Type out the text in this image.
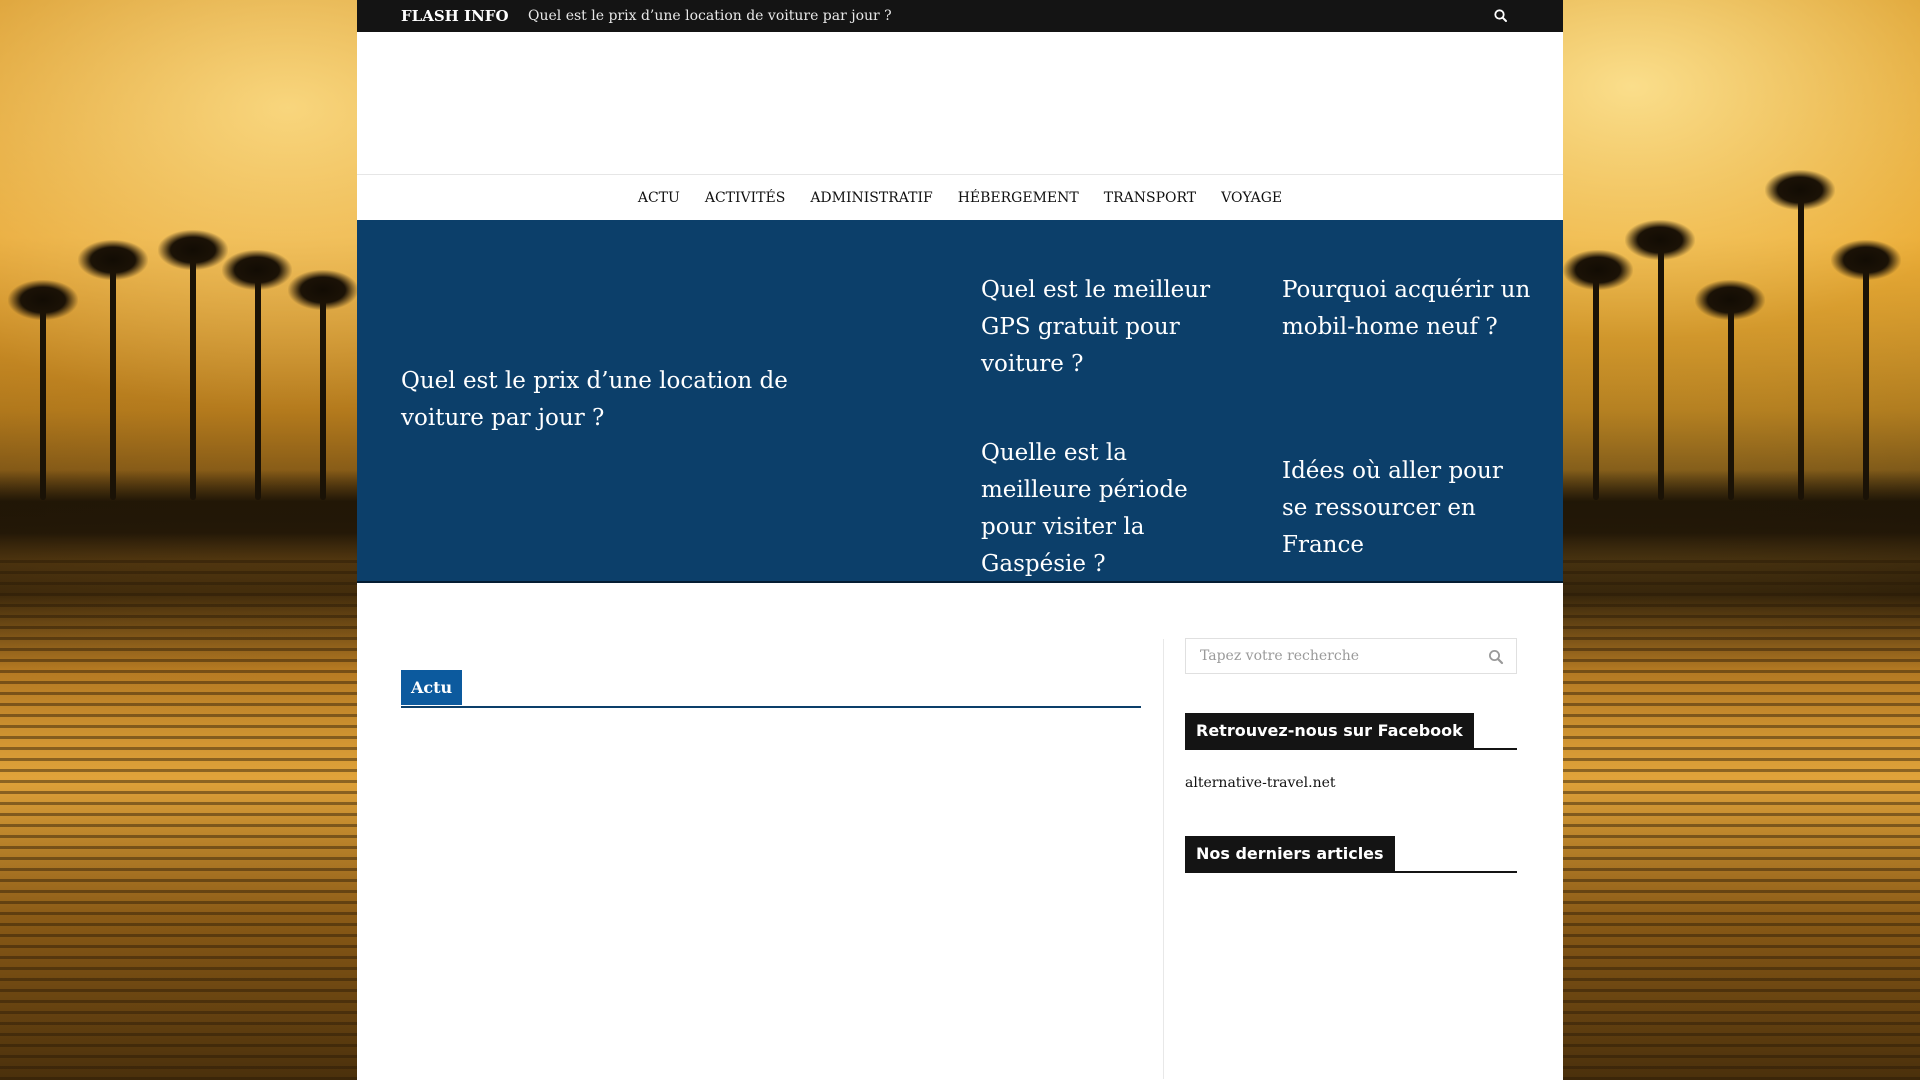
FLASH INFO Quel est le prix d’une location de voiture par jour ?
ACTU	ACTIVITÉS	ADMINISTRATIF	HÉBERGEMENT	TRANSPORT	VOYAGE
Quel est le prix d’une location de voiture par jour ?
Quel est le meilleur GPS gratuit pour voiture ?
Pourquoi acquérir un mobil-home neuf ?
Quelle est la meilleure période pour visiter la Gaspésie ?
Idées où aller pour se ressourcer en France
Actu
Tapez votre recherche
Retrouvez-nous sur Facebook
alternative-travel.net
Nos derniers articles
